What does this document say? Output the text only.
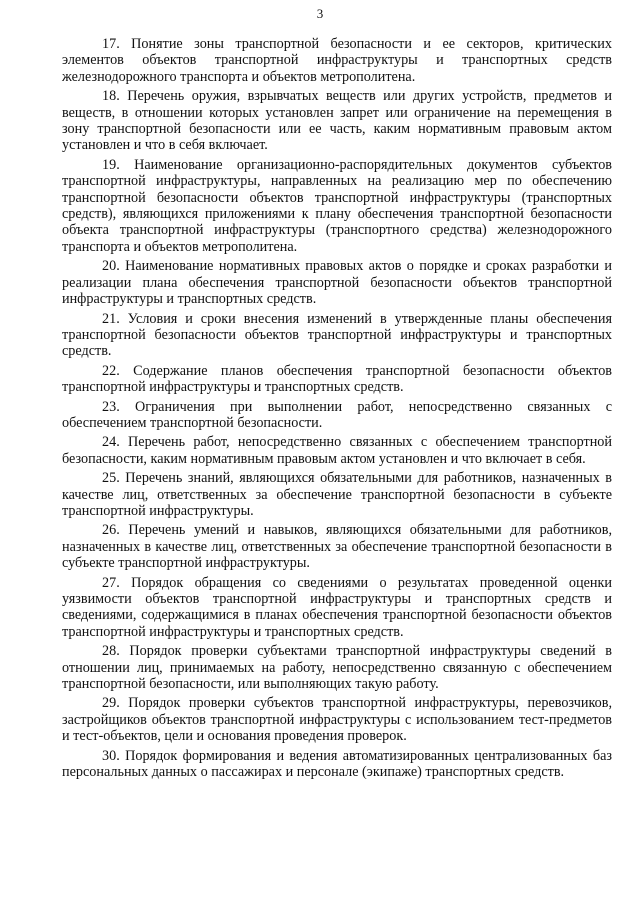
3

17. Понятие зоны транспортной безопасности и ее секторов, критических элементов объектов транспортной инфраструктуры и транспортных средств железнодорожного транспорта и объектов метрополитена.

18. Перечень оружия, взрывчатых веществ или других устройств, предметов и веществ, в отношении которых установлен запрет или ограничение на перемещения в зону транспортной безопасности или ее часть, каким нормативным правовым актом установлен и что в себя включает.

19. Наименование организационно-распорядительных документов субъектов транспортной инфраструктуры, направленных на реализацию мер по обеспечению транспортной безопасности объектов транспортной инфраструктуры (транспортных средств), являющихся приложениями к плану обеспечения транспортной безопасности объекта транспортной инфраструктуры (транспортного средства) железнодорожного транспорта и объектов метрополитена.

20. Наименование нормативных правовых актов о порядке и сроках разработки и реализации плана обеспечения транспортной безопасности объектов транспортной инфраструктуры и транспортных средств.

21. Условия и сроки внесения изменений в утвержденные планы обеспечения транспортной безопасности объектов транспортной инфраструктуры и транспортных средств.

22. Содержание планов обеспечения транспортной безопасности объектов транспортной инфраструктуры и транспортных средств.

23. Ограничения при выполнении работ, непосредственно связанных с обеспечением транспортной безопасности.

24. Перечень работ, непосредственно связанных с обеспечением транспортной безопасности, каким нормативным правовым актом установлен и что включает в себя.

25. Перечень знаний, являющихся обязательными для работников, назначенных в качестве лиц, ответственных за обеспечение транспортной безопасности в субъекте транспортной инфраструктуры.

26. Перечень умений и навыков, являющихся обязательными для работников, назначенных в качестве лиц, ответственных за обеспечение транспортной безопасности в субъекте транспортной инфраструктуры.

27. Порядок обращения со сведениями о результатах проведенной оценки уязвимости объектов транспортной инфраструктуры и транспортных средств и сведениями, содержащимися в планах обеспечения транспортной безопасности объектов транспортной инфраструктуры и транспортных средств.

28. Порядок проверки субъектами транспортной инфраструктуры сведений в отношении лиц, принимаемых на работу, непосредственно связанную с обеспечением транспортной безопасности, или выполняющих такую работу.

29. Порядок проверки субъектов транспортной инфраструктуры, перевозчиков, застройщиков объектов транспортной инфраструктуры с использованием тест-предметов и тест-объектов, цели и основания проведения проверок.

30. Порядок формирования и ведения автоматизированных централизованных баз персональных данных о пассажирах и персонале (экипаже) транспортных средств.
